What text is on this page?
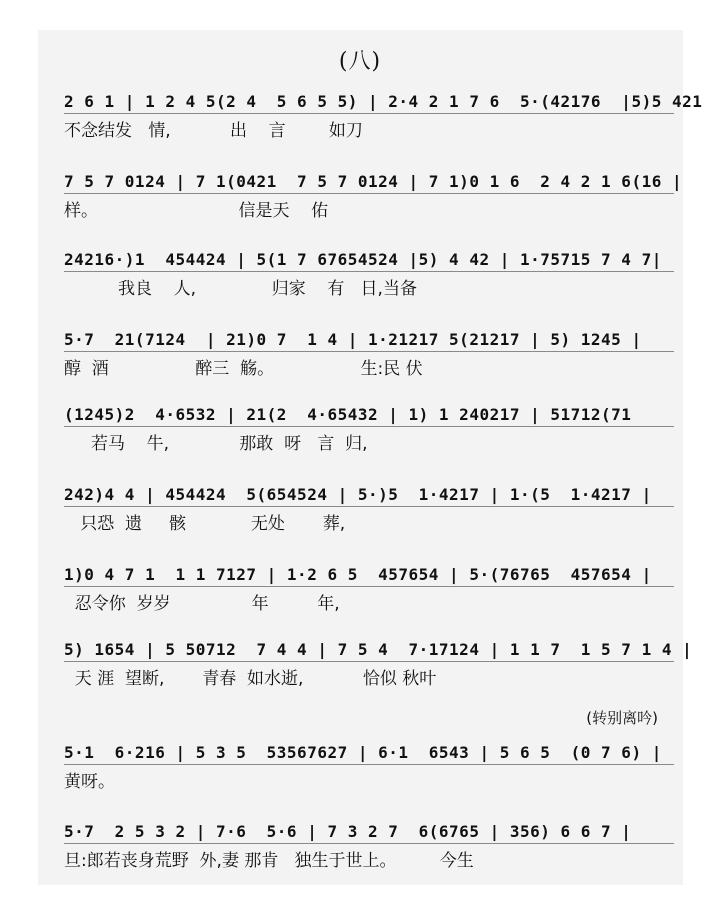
(八)
2 6 1 | 1 2 4 5(2 4  5 6 5 5) | 2·4 2 1 7 6  5·(42176  |5)5 421
不念结发   情,           出    言        如刀
7 5 7 0124 | 7 1(0421  7 5 7 0124 | 7 1)0 1 6  2 4 2 1 6(16 |
样。                          信是天    佑
24216·)1  454424 | 5(1 7 67654524 |5) 4 42 | 1·75715 7 4 7|
我良    人,              归家    有   日,当备
5·7  21(7124  | 21)0 7  1 4 | 1·21217 5(21217 | 5) 1245 |
醇  酒                醉三  觞。                生:民 伏
(1245)2  4·6532 | 21(2  4·65432 | 1) 1 240217 | 51712(71
若马    牛,             那敢  呀   言  归,
242)4 4 | 454424  5(654524 | 5·)5  1·4217 | 1·(5  1·4217 |
只恐  遗     骸            无处       葬,
1)0 4 7 1  1 1 7127 | 1·2 6 5  457654 | 5·(76765  457654 |
忍令你  岁岁               年         年,
5) 1654 | 5 50712  7 4 4 | 7 5 4  7·17124 | 1 1 7  1 5 7 1 4 |
天 涯  望断,       青春  如水逝,           恰似 秋叶
(转别离吟)
5·1  6·216 | 5 3 5  53567627 | 6·1  6543 | 5 6 5  (0 7 6) |
黄呀。
5·7  2 5 3 2 | 7·6  5·6 | 7 3 2 7  6(6765 | 356) 6 6 7 |
旦:郎若丧身荒野  外,妻 那肯   独生于世上。        今生
